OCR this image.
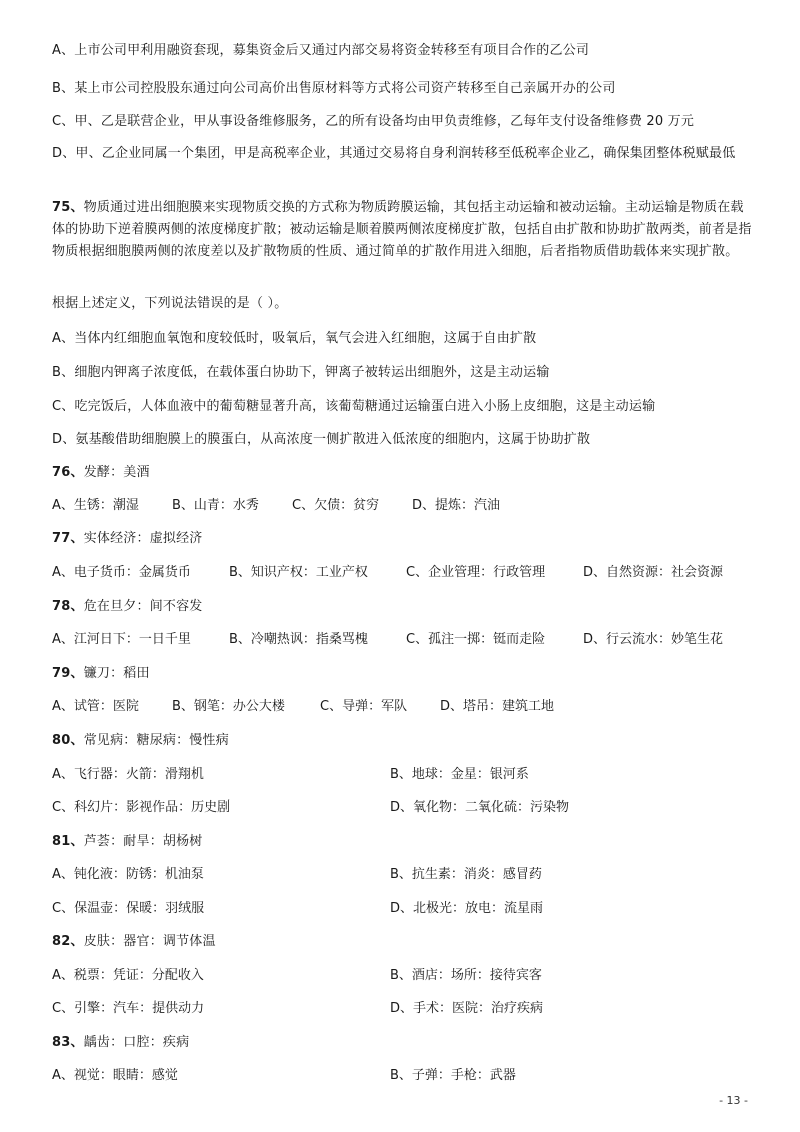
A、上市公司甲利用融资套现，募集资金后又通过内部交易将资金转移至有项目合作的乙公司
B、某上市公司控股股东通过向公司高价出售原材料等方式将公司资产转移至自己亲属开办的公司
C、甲、乙是联营企业，甲从事设备维修服务，乙的所有设备均由甲负责维修，乙每年支付设备维修费 20 万元
D、甲、乙企业同属一个集团，甲是高税率企业，其通过交易将自身利润转移至低税率企业乙，确保集团整体税赋最低
75、物质通过进出细胞膜来实现物质交换的方式称为物质跨膜运输，其包括主动运输和被动运输。主动运输是物质在载体的协助下逆着膜两侧的浓度梯度扩散；被动运输是顺着膜两侧浓度梯度扩散，包括自由扩散和协助扩散两类，前者是指物质根据细胞膜两侧的浓度差以及扩散物质的性质、通过简单的扩散作用进入细胞，后者指物质借助载体来实现扩散。
根据上述定义，下列说法错误的是（ ）。
A、当体内红细胞血氧饱和度较低时，吸氧后，氧气会进入红细胞，这属于自由扩散
B、细胞内钾离子浓度低，在载体蛋白协助下，钾离子被转运出细胞外，这是主动运输
C、吃完饭后，人体血液中的葡萄糖显著升高，该葡萄糖通过运输蛋白进入小肠上皮细胞，这是主动运输
D、氨基酸借助细胞膜上的膜蛋白，从高浓度一侧扩散进入低浓度的细胞内，这属于协助扩散
76、发酵：美酒
A、生锈：潮湿	B、山青：水秀	C、欠债：贫穷	D、提炼：汽油
77、实体经济：虚拟经济
A、电子货币：金属货币	B、知识产权：工业产权	C、企业管理：行政管理	D、自然资源：社会资源
78、危在旦夕：间不容发
A、江河日下：一日千里	B、冷嘲热讽：指桑骂槐	C、孤注一掷：铤而走险	D、行云流水：妙笔生花
79、镰刀：稻田
A、试管：医院	B、钢笔：办公大楼	C、导弹：军队	D、塔吊：建筑工地
80、常见病：糖尿病：慢性病
A、飞行器：火箭：滑翔机	B、地球：金星：银河系
C、科幻片：影视作品：历史剧	D、氧化物：二氧化硫：污染物
81、芦荟：耐旱：胡杨树
A、钝化液：防锈：机油泵	B、抗生素：消炎：感冒药
C、保温壶：保暖：羽绒服	D、北极光：放电：流星雨
82、皮肤：器官：调节体温
A、税票：凭证：分配收入	B、酒店：场所：接待宾客
C、引擎：汽车：提供动力	D、手术：医院：治疗疾病
83、龋齿：口腔：疾病
A、视觉：眼睛：感觉	B、子弹：手枪：武器
- 13 -
